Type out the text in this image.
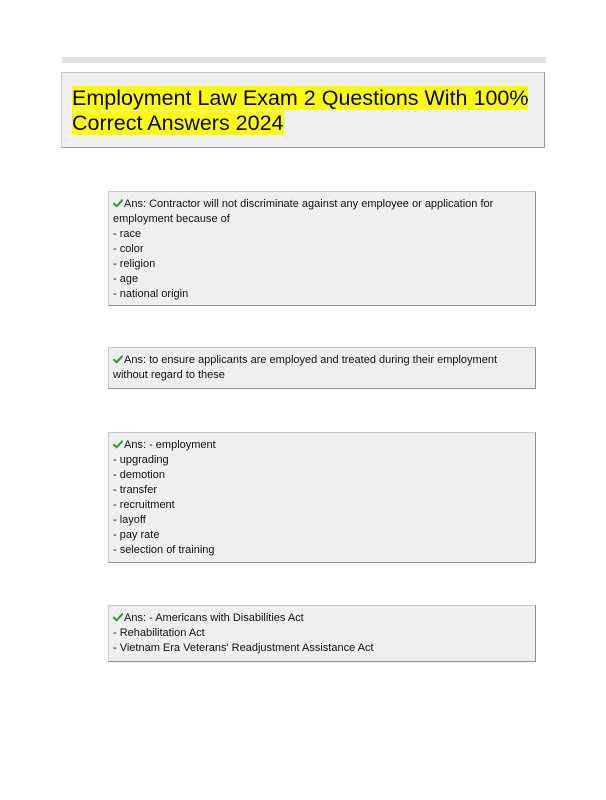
Employment Law Exam 2 Questions With 100% Correct Answers 2024
Ans: Contractor will not discriminate against any employee or application for employment because of
- race
- color
- religion
- age
- national origin
Ans: to ensure applicants are employed and treated during their employment without regard to these
Ans: - employment
- upgrading
- demotion
- transfer
- recruitment
- layoff
- pay rate
- selection of training
Ans: - Americans with Disabilities Act
- Rehabilitation Act
- Vietnam Era Veterans' Readjustment Assistance Act
